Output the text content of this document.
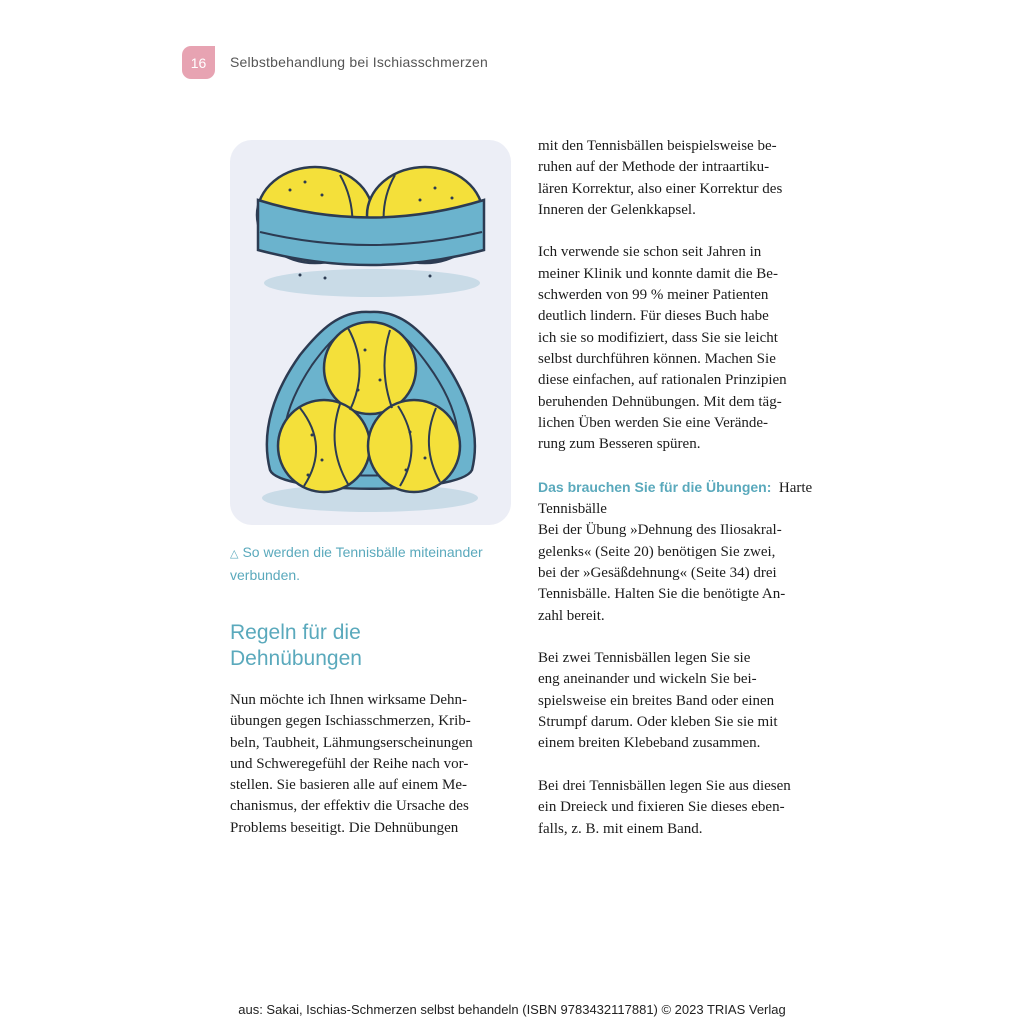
16	Selbstbehandlung bei Ischiasschmerzen
△ So werden die Tennisbälle miteinander
verbunden.
Regeln für die
Dehnübungen
Nun möchte ich Ihnen wirksame Dehn-
übungen gegen Ischiasschmerzen, Krib-
beln, Taubheit, Lähmungserscheinungen
und Schweregefühl der Reihe nach vor-
stellen. Sie basieren alle auf einem Me-
chanismus, der effektiv die Ursache des
Problems beseitigt. Die Dehnübungen

mit den Tennisbällen beispielsweise be-
ruhen auf der Methode der intraartiku-
lären Korrektur, also einer Korrektur des
Inneren der Gelenkkapsel.

Ich verwende sie schon seit Jahren in
meiner Klinik und konnte damit die Be-
schwerden von 99 % meiner Patienten
deutlich lindern. Für dieses Buch habe
ich sie so modifiziert, dass Sie sie leicht
selbst durchführen können. Machen Sie
diese einfachen, auf rationalen Prinzipien
beruhenden Dehnübungen. Mit dem täg-
lichen Üben werden Sie eine Verände-
rung zum Besseren spüren.

Das brauchen Sie für die Übungen: Harte
Tennisbälle
Bei der Übung »Dehnung des Iliosakral-
gelenks« (Seite 20) benötigen Sie zwei,
bei der »Gesäßdehnung« (Seite 34) drei
Tennisbälle. Halten Sie die benötigte An-
zahl bereit.

Bei zwei Tennisbällen legen Sie sie
eng aneinander und wickeln Sie bei-
spielsweise ein breites Band oder einen
Strumpf darum. Oder kleben Sie sie mit
einem breiten Klebeband zusammen.

Bei drei Tennisbällen legen Sie aus diesen
ein Dreieck und fixieren Sie dieses eben-
falls, z. B. mit einem Band.

aus: Sakai, Ischias-Schmerzen selbst behandeln (ISBN 9783432117881) © 2023 TRIAS Verlag
